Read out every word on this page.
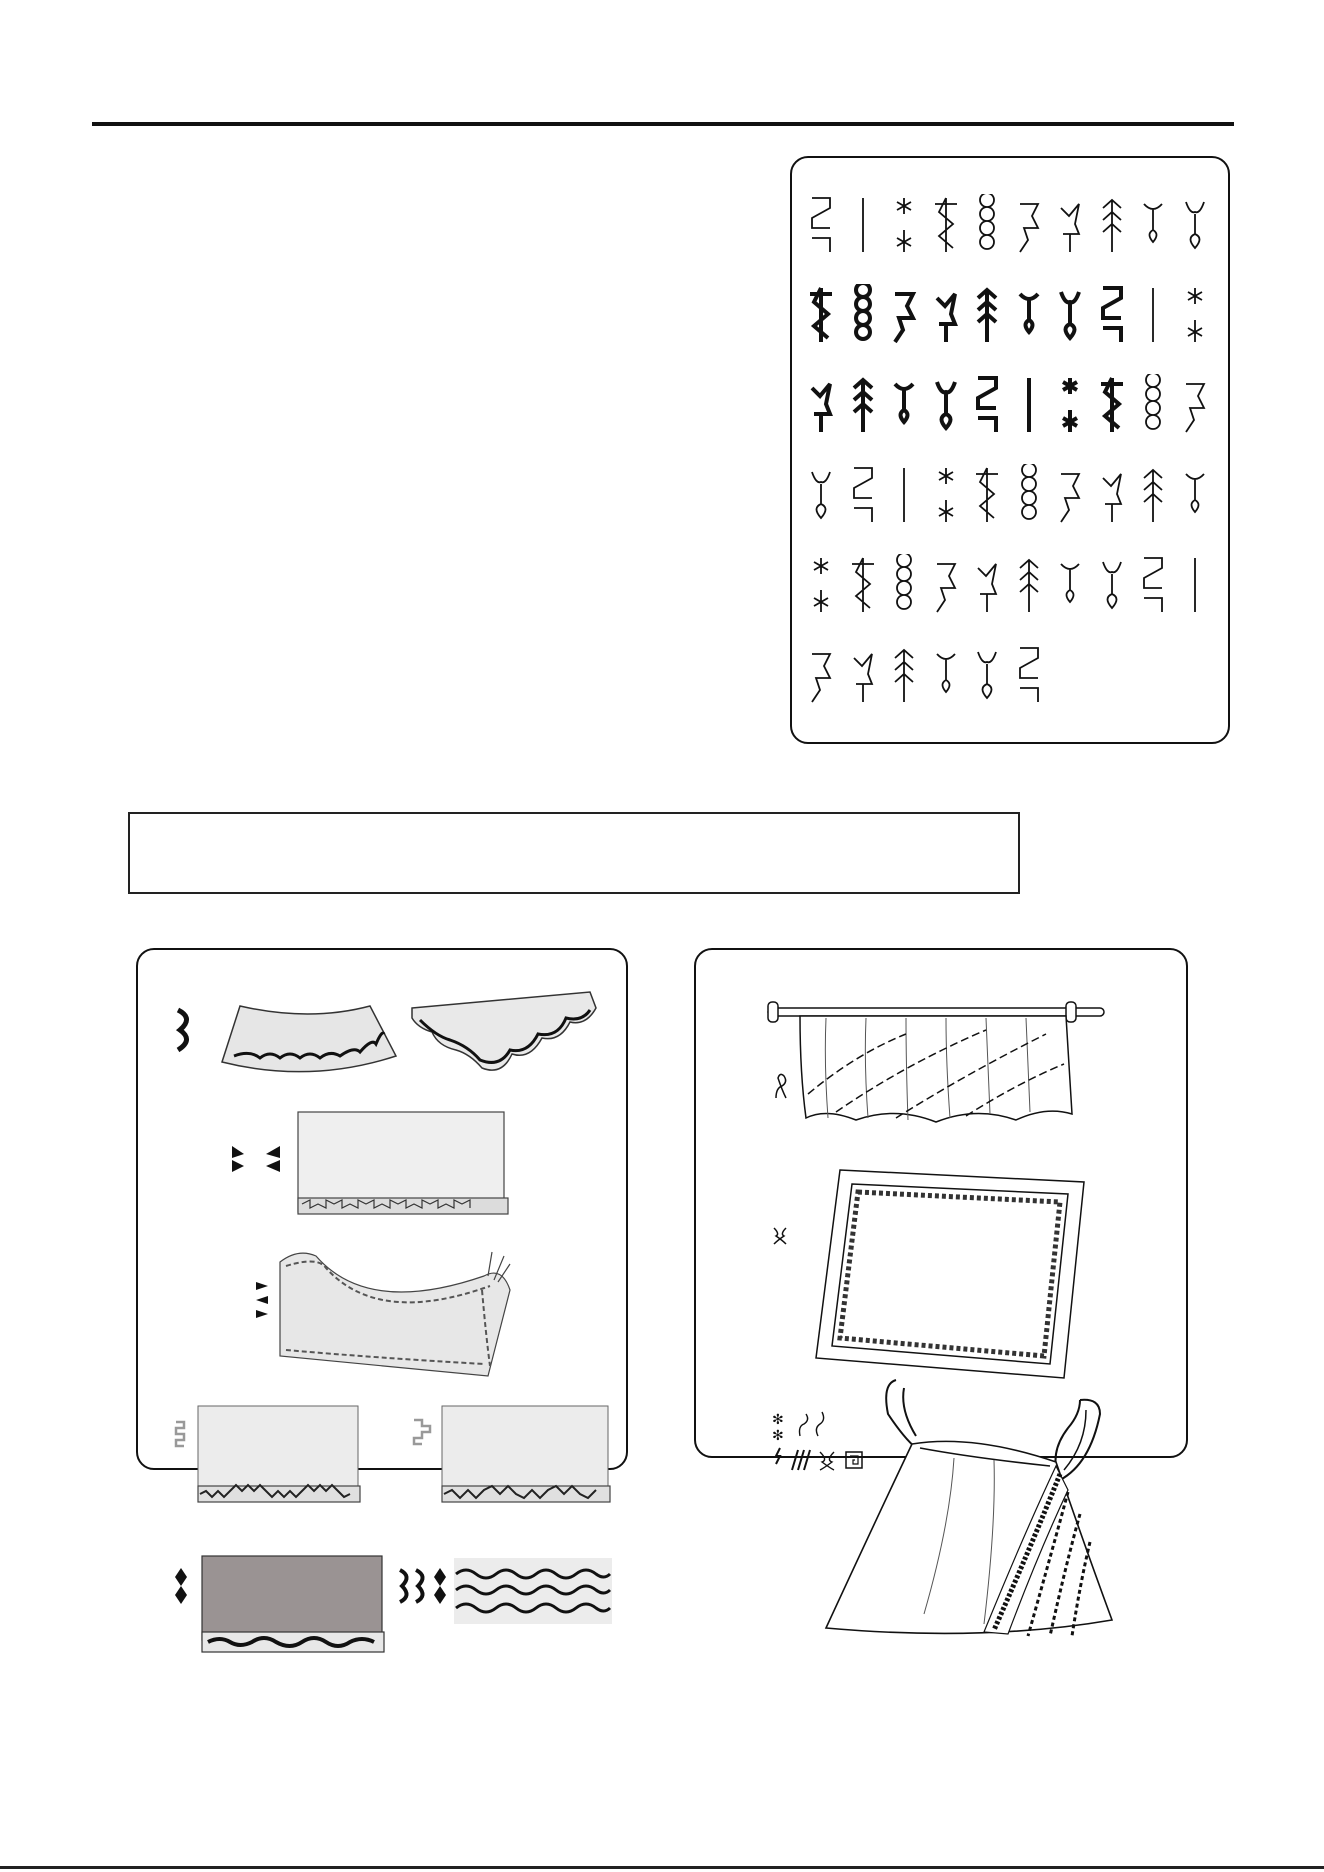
✻
✻
